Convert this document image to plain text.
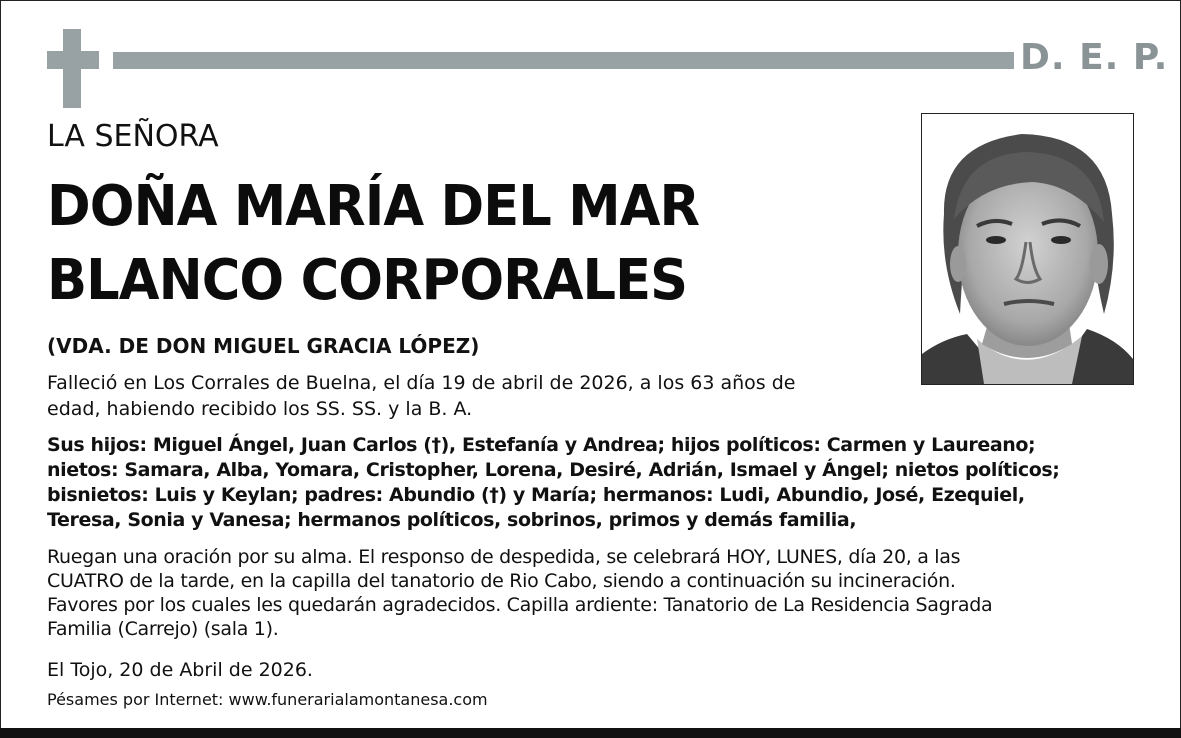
D. E. P.
LA SEÑORA
DOÑA MARÍA DEL MAR
BLANCO CORPORALES
(VDA. DE DON MIGUEL GRACIA LÓPEZ)
Falleció en Los Corrales de Buelna, el día 19 de abril de 2026, a los 63 años de
edad, habiendo recibido los SS. SS. y la B. A.
Sus hijos: Miguel Ángel, Juan Carlos (†), Estefanía y Andrea; hijos políticos: Carmen y Laureano;
nietos: Samara, Alba, Yomara, Cristopher, Lorena, Desiré, Adrián, Ismael y Ángel; nietos políticos;
bisnietos: Luis y Keylan; padres: Abundio (†) y María; hermanos: Ludi, Abundio, José, Ezequiel,
Teresa, Sonia y Vanesa; hermanos políticos, sobrinos, primos y demás familia,
Ruegan una oración por su alma. El responso de despedida, se celebrará HOY, LUNES, día 20, a las
CUATRO de la tarde, en la capilla del tanatorio de Rio Cabo, siendo a continuación su incineración.
Favores por los cuales les quedarán agradecidos. Capilla ardiente: Tanatorio de La Residencia Sagrada
Familia (Carrejo) (sala 1).
El Tojo, 20 de Abril de 2026.
Pésames por Internet: www.funerarialamontanesa.com
